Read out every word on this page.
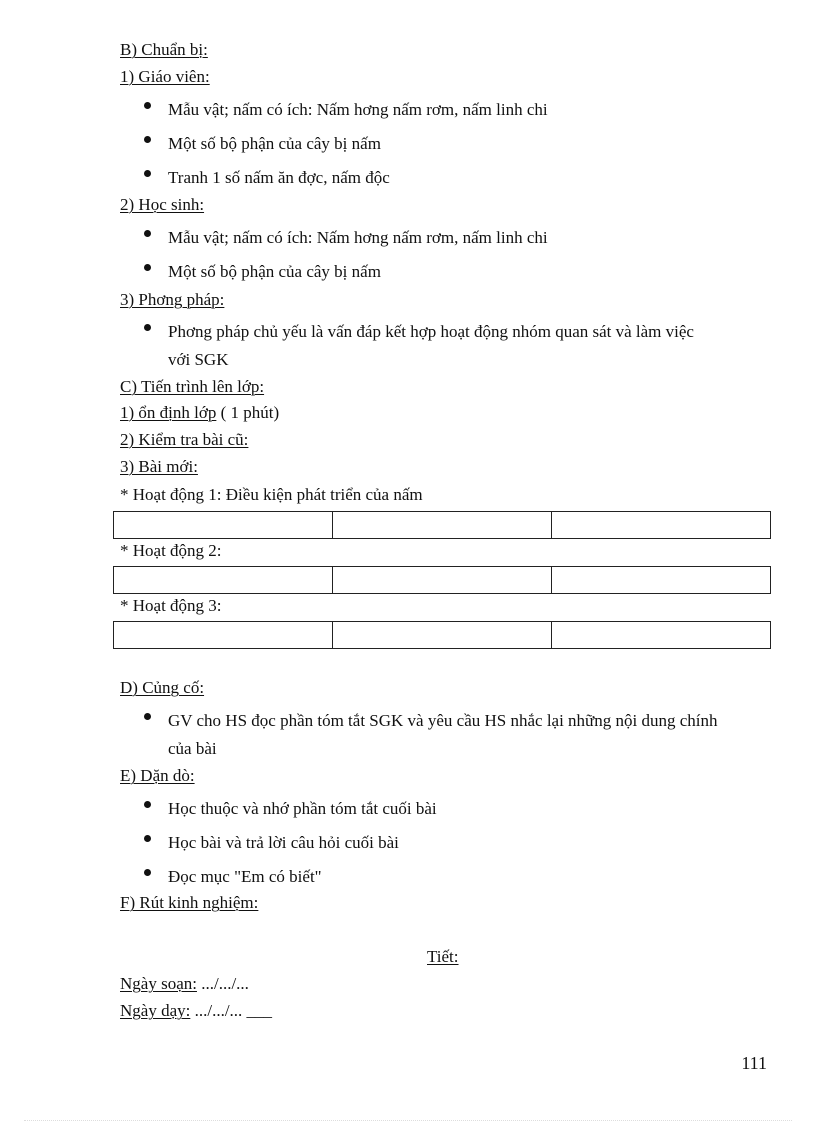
B) Chuẩn bị:
1) Giáo viên:
Mẫu vật; nấm có ích: Nấm hơng nấm rơm, nấm linh chi
Một số bộ phận của cây bị nấm
Tranh 1 số nấm ăn đợc, nấm độc
2) Học sinh:
Mẫu vật; nấm có ích: Nấm hơng nấm rơm, nấm linh chi
Một số bộ phận của cây bị nấm
3) Phơng pháp:
Phơng pháp chủ yếu là vấn đáp kết hợp hoạt động nhóm quan sát và làm việc
với SGK
C) Tiến trình lên lớp:
1) ổn định lớp ( 1 phút)
2) Kiểm tra bài cũ:
3) Bài mới:
* Hoạt động 1: Điều kiện phát triển của nấm

* Hoạt động 2:

* Hoạt động 3:

D) Củng cố:
GV cho HS đọc phần tóm tắt SGK và yêu cầu HS nhắc lại những nội dung chính
của bài
E) Dặn dò:
Học thuộc và nhớ phần tóm tắt cuối bài
Học bài và trả lời câu hỏi cuối bài
Đọc mục "Em có biết"
F) Rút kinh nghiệm:
Tiết:
Ngày soạn: .../.../...
Ngày dạy: .../.../... ___
111
